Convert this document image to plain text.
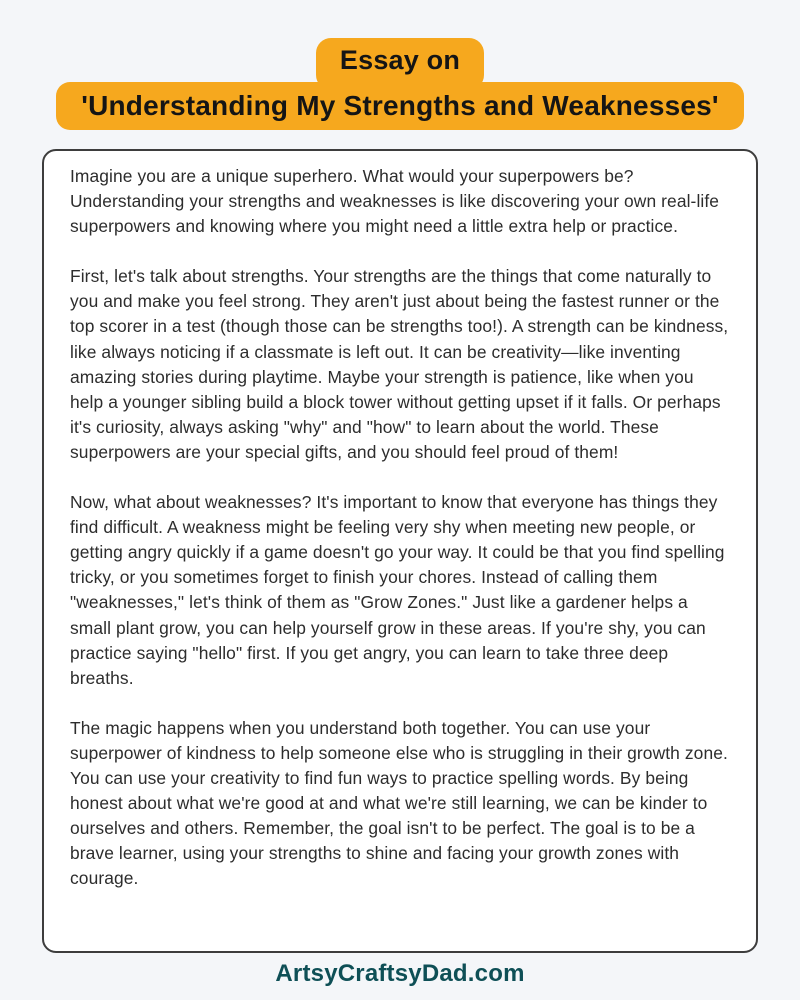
Essay on
'Understanding My Strengths and Weaknesses'

Imagine you are a unique superhero. What would your superpowers be? Understanding your strengths and weaknesses is like discovering your own real-life superpowers and knowing where you might need a little extra help or practice.

First, let's talk about strengths. Your strengths are the things that come naturally to you and make you feel strong. They aren't just about being the fastest runner or the top scorer in a test (though those can be strengths too!). A strength can be kindness, like always noticing if a classmate is left out. It can be creativity—like inventing amazing stories during playtime. Maybe your strength is patience, like when you help a younger sibling build a block tower without getting upset if it falls. Or perhaps it's curiosity, always asking "why" and "how" to learn about the world. These superpowers are your special gifts, and you should feel proud of them!

Now, what about weaknesses? It's important to know that everyone has things they find difficult. A weakness might be feeling very shy when meeting new people, or getting angry quickly if a game doesn't go your way. It could be that you find spelling tricky, or you sometimes forget to finish your chores. Instead of calling them "weaknesses," let's think of them as "Grow Zones." Just like a gardener helps a small plant grow, you can help yourself grow in these areas. If you're shy, you can practice saying "hello" first. If you get angry, you can learn to take three deep breaths.

The magic happens when you understand both together. You can use your superpower of kindness to help someone else who is struggling in their growth zone. You can use your creativity to find fun ways to practice spelling words. By being honest about what we're good at and what we're still learning, we can be kinder to ourselves and others. Remember, the goal isn't to be perfect. The goal is to be a brave learner, using your strengths to shine and facing your growth zones with courage.

ArtsyCraftsyDad.com
